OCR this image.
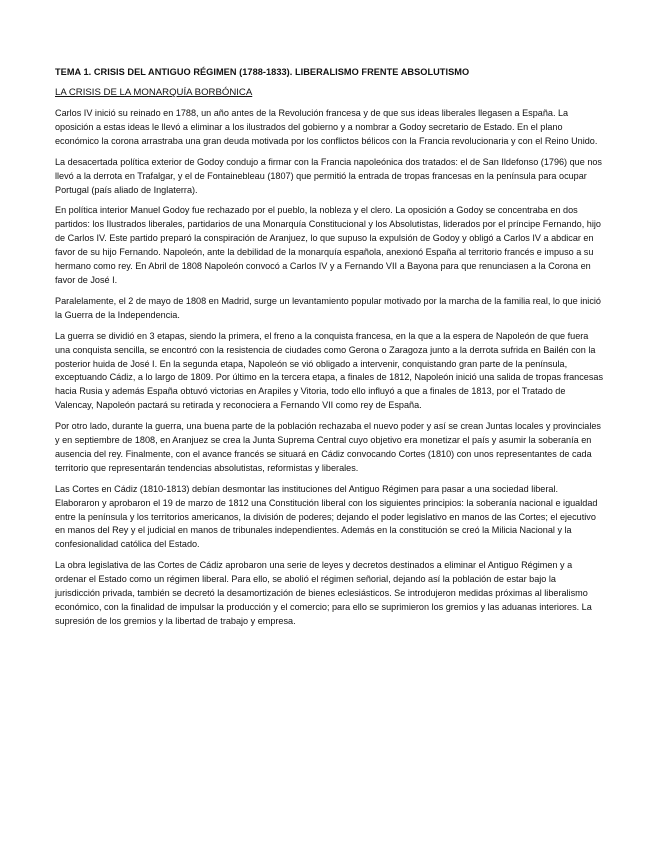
TEMA 1. CRISIS DEL ANTIGUO RÉGIMEN (1788-1833). LIBERALISMO FRENTE ABSOLUTISMO
LA CRISIS DE LA MONARQUÍA BORBÓNICA

Carlos IV inició su reinado en 1788, un año antes de la Revolución francesa y de que sus ideas liberales llegasen a España. La oposición a estas ideas le llevó a eliminar a los ilustrados del gobierno y a nombrar a Godoy secretario de Estado. En el plano económico la corona arrastraba una gran deuda motivada por los conflictos bélicos con la Francia revolucionaria y con el Reino Unido.

La desacertada política exterior de Godoy condujo a firmar con la Francia napoleónica dos tratados: el de San Ildefonso (1796) que nos llevó a la derrota en Trafalgar, y el de Fontainebleau (1807) que permitió la entrada de tropas francesas en la península para ocupar Portugal (país aliado de Inglaterra).

En política interior Manuel Godoy fue rechazado por el pueblo, la nobleza y el clero. La oposición a Godoy se concentraba en dos partidos: los Ilustrados liberales, partidarios de una Monarquía Constitucional y los Absolutistas, liderados por el príncipe Fernando, hijo de Carlos IV. Este partido preparó la conspiración de Aranjuez, lo que supuso la expulsión de Godoy y obligó a Carlos IV a abdicar en favor de su hijo Fernando. Napoleón, ante la debilidad de la monarquía española, anexionó España al territorio francés e impuso a su hermano como rey. En Abril de 1808 Napoleón convocó a Carlos IV y a Fernando VII a Bayona para que renunciasen a la Corona en favor de José I.

Paralelamente, el 2 de mayo de 1808 en Madrid, surge un levantamiento popular motivado por la marcha de la familia real, lo que inició la Guerra de la Independencia.

La guerra se dividió en 3 etapas, siendo la primera, el freno a la conquista francesa, en la que a la espera de Napoleón de que fuera una conquista sencilla, se encontró con la resistencia de ciudades como Gerona o Zaragoza junto a la derrota sufrida en Bailén con la posterior huida de José I. En la segunda etapa, Napoleón se vió obligado a intervenir, conquistando gran parte de la península, exceptuando Cádiz, a lo largo de 1809. Por último en la tercera etapa, a finales de 1812, Napoleón inició una salida de tropas francesas hacia Rusia y además España obtuvó victorias en Arapiles y Vitoria, todo ello influyó a que a finales de 1813, por el Tratado de Valencay, Napoleón pactará su retirada y reconociera a Fernando VII como rey de España.

Por otro lado, durante la guerra, una buena parte de la población rechazaba el nuevo poder y así se crean Juntas locales y provinciales y en septiembre de 1808, en Aranjuez se crea la Junta Suprema Central cuyo objetivo era monetizar el país y asumir la soberanía en ausencia del rey. Finalmente, con el avance francés se situará en Cádiz convocando Cortes (1810) con unos representantes de cada territorio que representarán tendencias absolutistas, reformistas y liberales.

Las Cortes en Cádiz (1810-1813) debían desmontar las instituciones del Antiguo Régimen para pasar a una sociedad liberal. Elaboraron y aprobaron el 19 de marzo de 1812 una Constitución liberal con los siguientes principios: la soberanía nacional e igualdad entre la península y los territorios americanos, la división de poderes; dejando el poder legislativo en manos de las Cortes; el ejecutivo en manos del Rey y el judicial en manos de tribunales independientes. Además en la constitución se creó la Milicia Nacional y la confesionalidad católica del Estado.

La obra legislativa de las Cortes de Cádiz aprobaron una serie de leyes y decretos destinados a eliminar el Antiguo Régimen y a ordenar el Estado como un régimen liberal. Para ello, se abolió el régimen señorial, dejando así la población de estar bajo la jurisdicción privada, también se decretó la desamortización de bienes eclesiásticos. Se introdujeron medidas próximas al liberalismo económico, con la finalidad de impulsar la producción y el comercio; para ello se suprimieron los gremios y las aduanas interiores. La supresión de los gremios y la libertad de trabajo y empresa.
